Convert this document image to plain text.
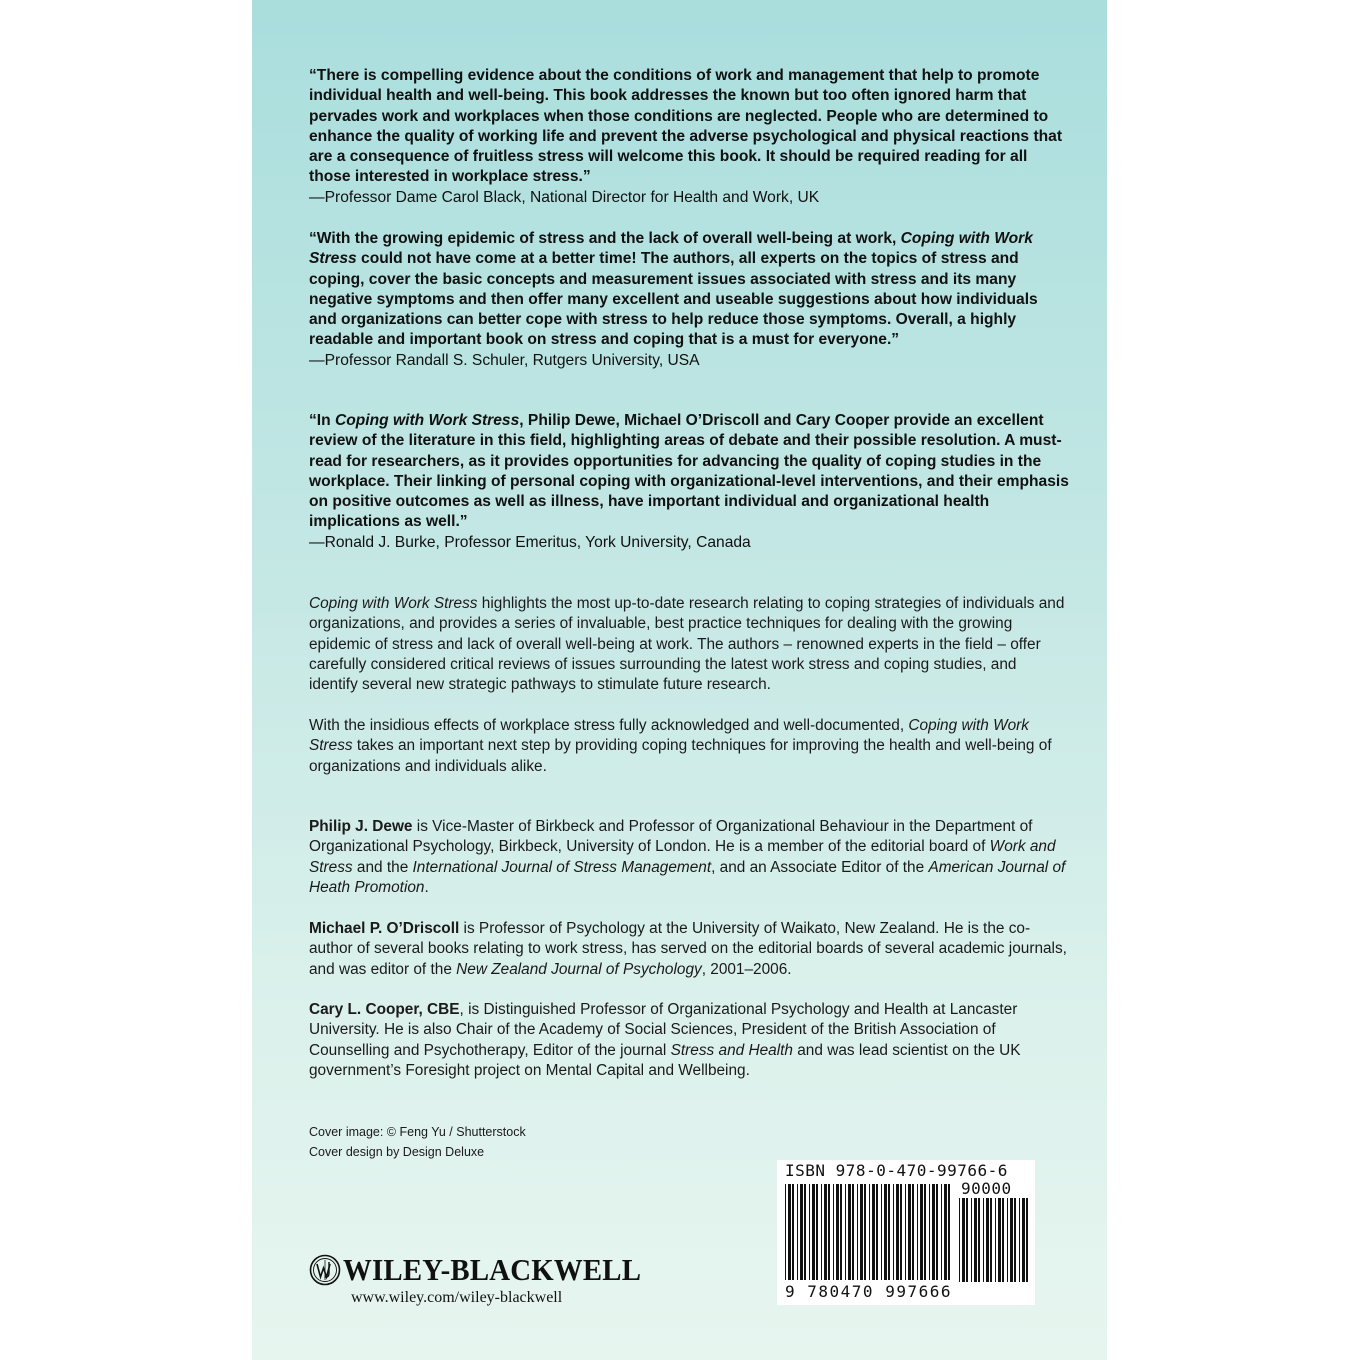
“There is compelling evidence about the conditions of work and management that help to promote individual health and well-being. This book addresses the known but too often ignored harm that pervades work and workplaces when those conditions are neglected. People who are determined to enhance the quality of working life and prevent the adverse psychological and physical reactions that are a consequence of fruitless stress will welcome this book. It should be required reading for all those interested in workplace stress.”
—Professor Dame Carol Black, National Director for Health and Work, UK
“With the growing epidemic of stress and the lack of overall well-being at work, Coping with Work Stress could not have come at a better time! The authors, all experts on the topics of stress and coping, cover the basic concepts and measurement issues associated with stress and its many negative symptoms and then offer many excellent and useable suggestions about how individuals and organizations can better cope with stress to help reduce those symptoms. Overall, a highly readable and important book on stress and coping that is a must for everyone.”
—Professor Randall S. Schuler, Rutgers University, USA
“In Coping with Work Stress, Philip Dewe, Michael O’Driscoll and Cary Cooper provide an excellent review of the literature in this field, highlighting areas of debate and their possible resolution. A must-read for researchers, as it provides opportunities for advancing the quality of coping studies in the workplace. Their linking of personal coping with organizational-level interventions, and their emphasis on positive outcomes as well as illness, have important individual and organizational health implications as well.”
—Ronald J. Burke, Professor Emeritus, York University, Canada
Coping with Work Stress highlights the most up-to-date research relating to coping strategies of individuals and organizations, and provides a series of invaluable, best practice techniques for dealing with the growing epidemic of stress and lack of overall well-being at work. The authors – renowned experts in the field – offer carefully considered critical reviews of issues surrounding the latest work stress and coping studies, and identify several new strategic pathways to stimulate future research.
With the insidious effects of workplace stress fully acknowledged and well-documented, Coping with Work Stress takes an important next step by providing coping techniques for improving the health and well-being of organizations and individuals alike.
Philip J. Dewe is Vice-Master of Birkbeck and Professor of Organizational Behaviour in the Department of Organizational Psychology, Birkbeck, University of London. He is a member of the editorial board of Work and Stress and the International Journal of Stress Management, and an Associate Editor of the American Journal of Heath Promotion.
Michael P. O’Driscoll is Professor of Psychology at the University of Waikato, New Zealand. He is the co-author of several books relating to work stress, has served on the editorial boards of several academic journals, and was editor of the New Zealand Journal of Psychology, 2001–2006.
Cary L. Cooper, CBE, is Distinguished Professor of Organizational Psychology and Health at Lancaster University. He is also Chair of the Academy of Social Sciences, President of the British Association of Counselling and Psychotherapy, Editor of the journal Stress and Health and was lead scientist on the UK government’s Foresight project on Mental Capital and Wellbeing.
Cover image: © Feng Yu / Shutterstock
Cover design by Design Deluxe
WILEY-BLACKWELL
www.wiley.com/wiley-blackwell
ISBN 978-0-470-99766-6
90000
9 780470 997666
